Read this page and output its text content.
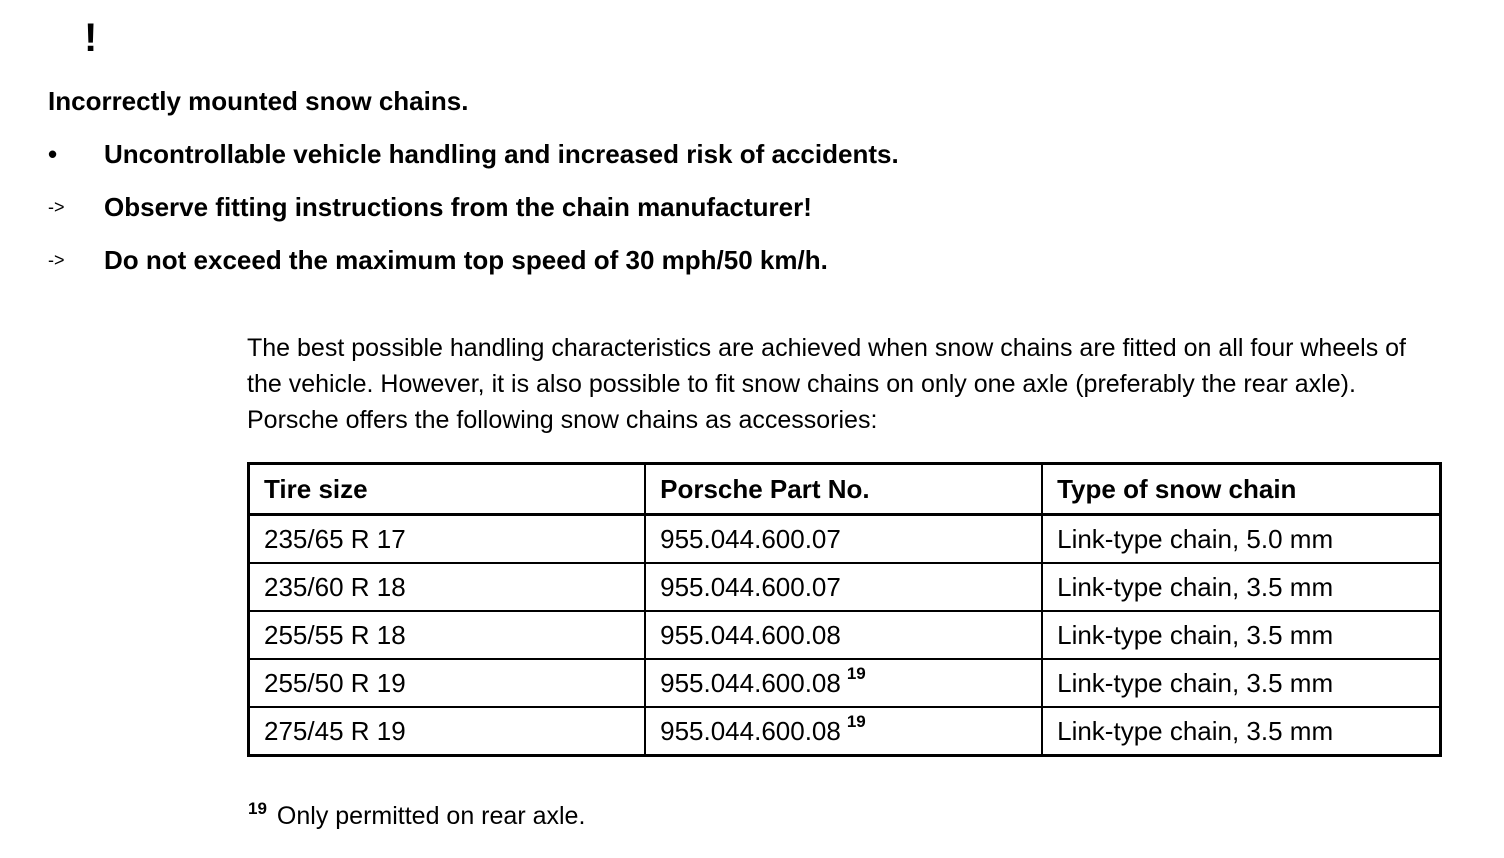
!
Incorrectly mounted snow chains.
• Uncontrollable vehicle handling and increased risk of accidents.
-> Observe fitting instructions from the chain manufacturer!
-> Do not exceed the maximum top speed of 30 mph/50 km/h.
The best possible handling characteristics are achieved when snow chains are fitted on all four wheels of
the vehicle. However, it is also possible to fit snow chains on only one axle (preferably the rear axle).
Porsche offers the following snow chains as accessories:
Tire size	Porsche Part No.	Type of snow chain
235/65 R 17	955.044.600.07	Link-type chain, 5.0 mm
235/60 R 18	955.044.600.07	Link-type chain, 3.5 mm
255/55 R 18	955.044.600.08	Link-type chain, 3.5 mm
255/50 R 19	955.044.600.08 $^{19}$	Link-type chain, 3.5 mm
275/45 R 19	955.044.600.08 $^{19}$	Link-type chain, 3.5 mm
$^{19}$ Only permitted on rear axle.
